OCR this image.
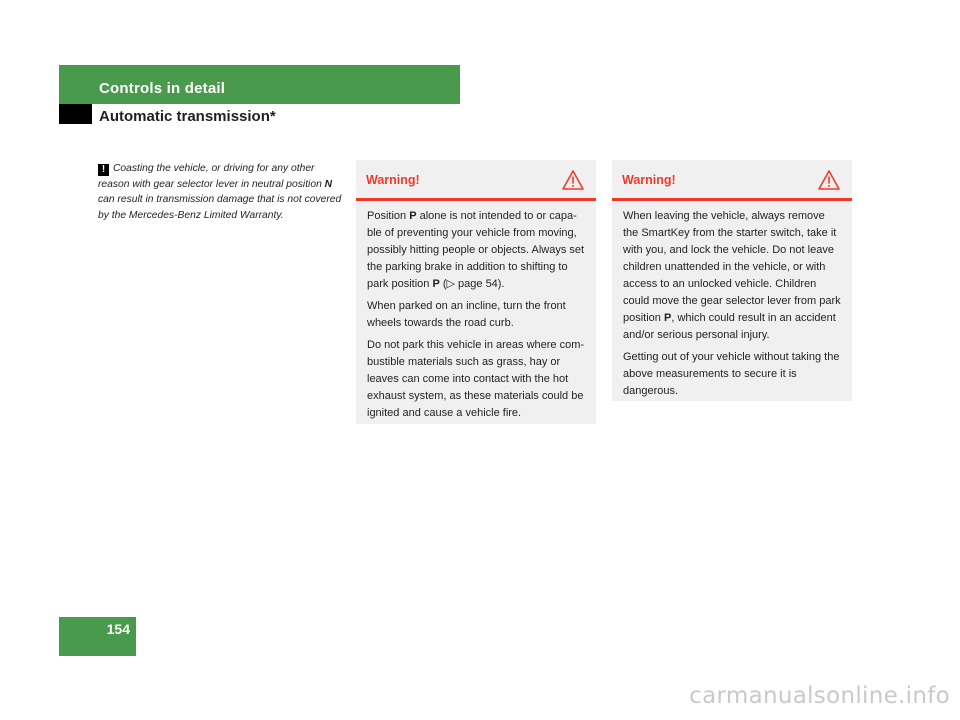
Controls in detail
Automatic transmission*
! Coasting the vehicle, or driving for any other reason with gear selector lever in neutral position N can result in transmission damage that is not covered by the Mercedes-Benz Limited Warranty.
Warning!

Position P alone is not intended to or capa-ble of preventing your vehicle from moving, possibly hitting people or objects. Always set the parking brake in addition to shifting to park position P (▷ page 54).

When parked on an incline, turn the front wheels towards the road curb.

Do not park this vehicle in areas where com-bustible materials such as grass, hay or leaves can come into contact with the hot exhaust system, as these materials could be ignited and cause a vehicle fire.

Warning!

When leaving the vehicle, always remove the SmartKey from the starter switch, take it with you, and lock the vehicle. Do not leave children unattended in the vehicle, or with access to an unlocked vehicle. Children could move the gear selector lever from park position P, which could result in an accident and/or serious personal injury.

Getting out of your vehicle without taking the above measurements to secure it is dangerous.

154
carmanualsonline.info
